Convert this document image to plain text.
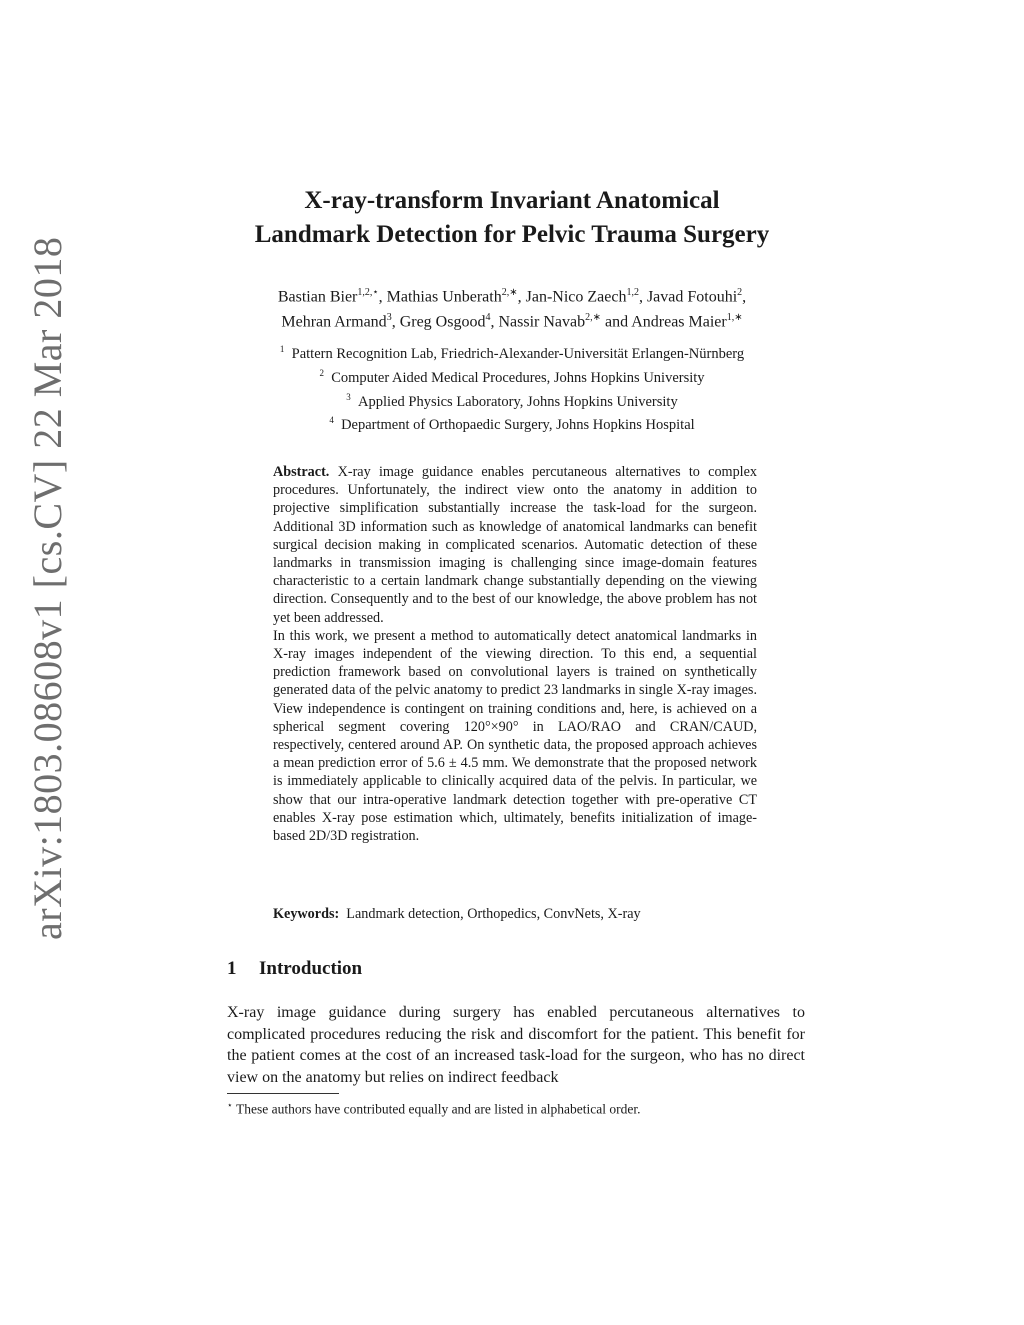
arXiv:1803.08608v1 [cs.CV] 22 Mar 2018
X-ray-transform Invariant Anatomical
Landmark Detection for Pelvic Trauma Surgery
Bastian Bier$^{1,2,⋆}$, Mathias Unberath$^{2,∗}$, Jan-Nico Zaech$^{1,2}$, Javad Fotouhi$^2$,
Mehran Armand$^3$, Greg Osgood$^4$, Nassir Navab$^{2,∗}$ and Andreas Maier$^{1,∗}$
$^1$ Pattern Recognition Lab, Friedrich-Alexander-Universität Erlangen-Nürnberg
$^2$ Computer Aided Medical Procedures, Johns Hopkins University
$^3$ Applied Physics Laboratory, Johns Hopkins University
$^4$ Department of Orthopaedic Surgery, Johns Hopkins Hospital

Abstract. X-ray image guidance enables percutaneous alternatives to complex procedures. Unfortunately, the indirect view onto the anatomy in addition to projective simplification substantially increase the task-load for the surgeon. Additional 3D information such as knowledge of anatomical landmarks can benefit surgical decision making in complicated scenarios. Automatic detection of these landmarks in transmission imaging is challenging since image-domain features characteristic to a certain landmark change substantially depending on the viewing direction. Consequently and to the best of our knowledge, the above problem has not yet been addressed.

In this work, we present a method to automatically detect anatomical landmarks in X-ray images independent of the viewing direction. To this end, a sequential prediction framework based on convolutional layers is trained on synthetically generated data of the pelvic anatomy to predict 23 landmarks in single X-ray images. View independence is contingent on training conditions and, here, is achieved on a spherical segment covering 120°×90° in LAO/RAO and CRAN/CAUD, respectively, centered around AP. On synthetic data, the proposed approach achieves a mean prediction error of 5.6 ± 4.5 mm. We demonstrate that the proposed network is immediately applicable to clinically acquired data of the pelvis. In particular, we show that our intra-operative landmark detection together with pre-operative CT enables X-ray pose estimation which, ultimately, benefits initialization of image-based 2D/3D registration.

Keywords: Landmark detection, Orthopedics, ConvNets, X-ray
1 Introduction

X-ray image guidance during surgery has enabled percutaneous alternatives to complicated procedures reducing the risk and discomfort for the patient. This benefit for the patient comes at the cost of an increased task-load for the surgeon, who has no direct view on the anatomy but relies on indirect feedback

⋆ These authors have contributed equally and are listed in alphabetical order.
